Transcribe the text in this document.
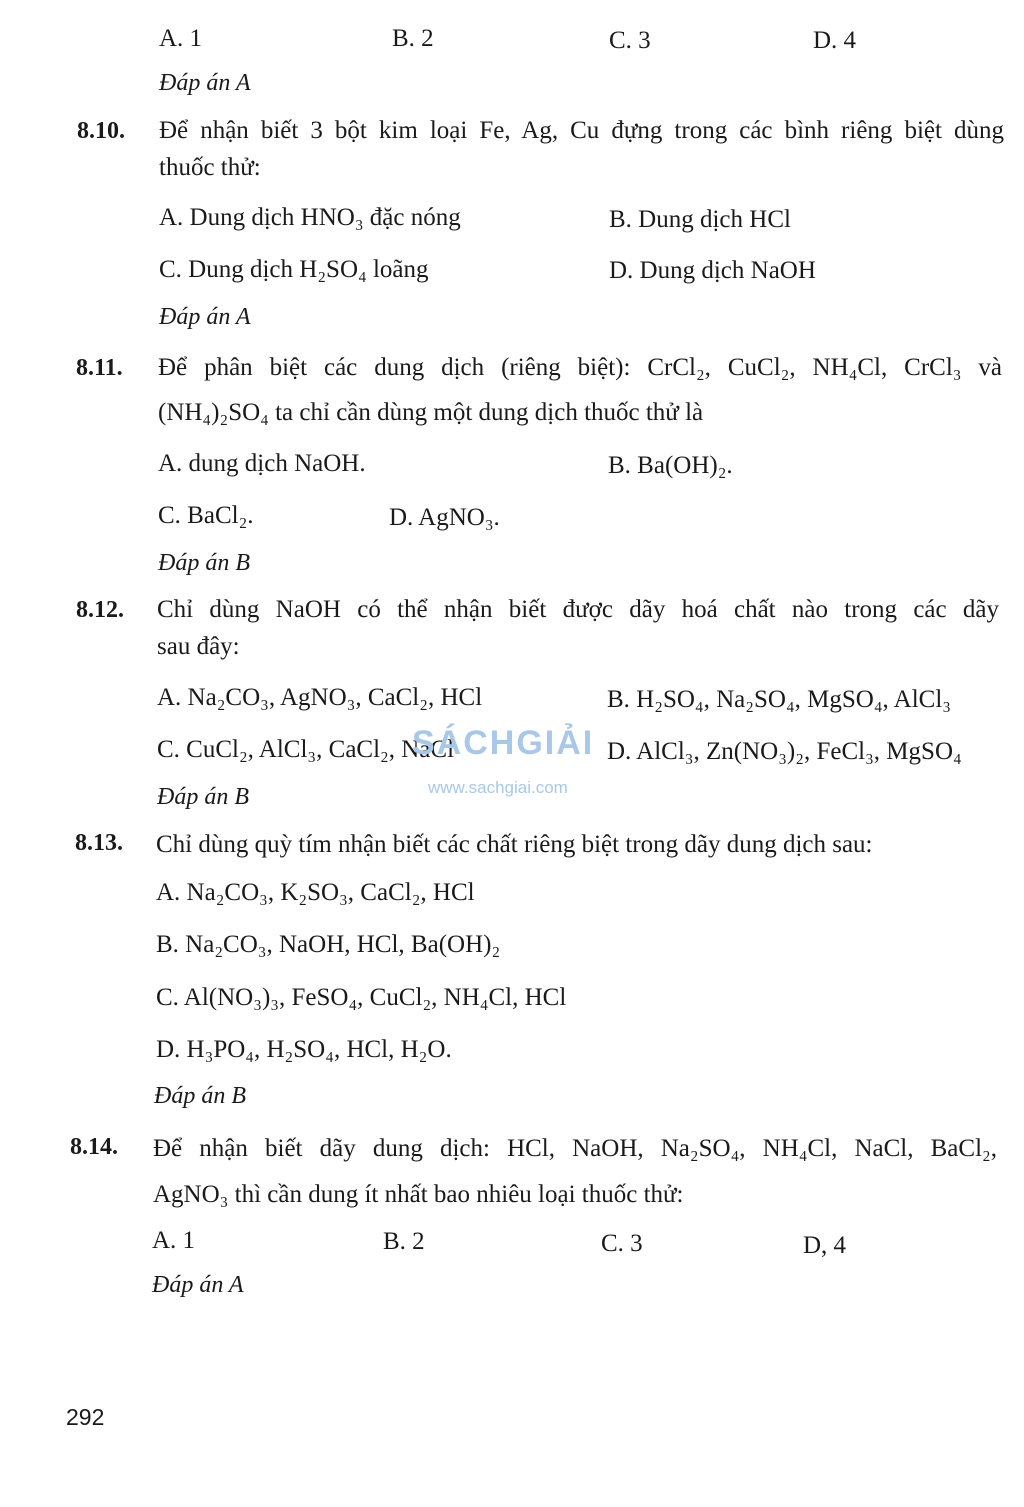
A. 1	B. 2	C. 3	D. 4
Đáp án A
8.10. Để nhận biết 3 bột kim loại Fe, Ag, Cu đựng trong các bình riêng biệt dùng
thuốc thử:
A. Dung dịch HNO₃ đặc nóng	B. Dung dịch HCl
C. Dung dịch H₂SO₄ loãng	D. Dung dịch NaOH
Đáp án A
8.11. Để phân biệt các dung dịch (riêng biệt): CrCl₂, CuCl₂, NH₄Cl, CrCl₃ và
(NH₄)₂SO₄ ta chỉ cần dùng một dung dịch thuốc thử là
A. dung dịch NaOH.	B. Ba(OH)₂.
C. BaCl₂.	D. AgNO₃.
Đáp án B
8.12. Chỉ dùng NaOH có thể nhận biết được dãy hoá chất nào trong các dãy
sau đây:
A. Na₂CO₃, AgNO₃, CaCl₂, HCl	B. H₂SO₄, Na₂SO₄, MgSO₄, AlCl₃
C. CuCl₂, AlCl₃, CaCl₂, NaCl	D. AlCl₃, Zn(NO₃)₂, FeCl₃, MgSO₄
Đáp án B
SÁCHGIẢI
www.sachgiai.com
8.13. Chỉ dùng quỳ tím nhận biết các chất riêng biệt trong dãy dung dịch sau:
A. Na₂CO₃, K₂SO₃, CaCl₂, HCl
B. Na₂CO₃, NaOH, HCl, Ba(OH)₂
C. Al(NO₃)₃, FeSO₄, CuCl₂, NH₄Cl, HCl
D. H₃PO₄, H₂SO₄, HCl, H₂O.
Đáp án B
8.14. Để nhận biết dãy dung dịch: HCl, NaOH, Na₂SO₄, NH₄Cl, NaCl, BaCl₂,
AgNO₃ thì cần dung ít nhất bao nhiêu loại thuốc thử:
A. 1	B. 2	C. 3	D, 4
Đáp án A
292
